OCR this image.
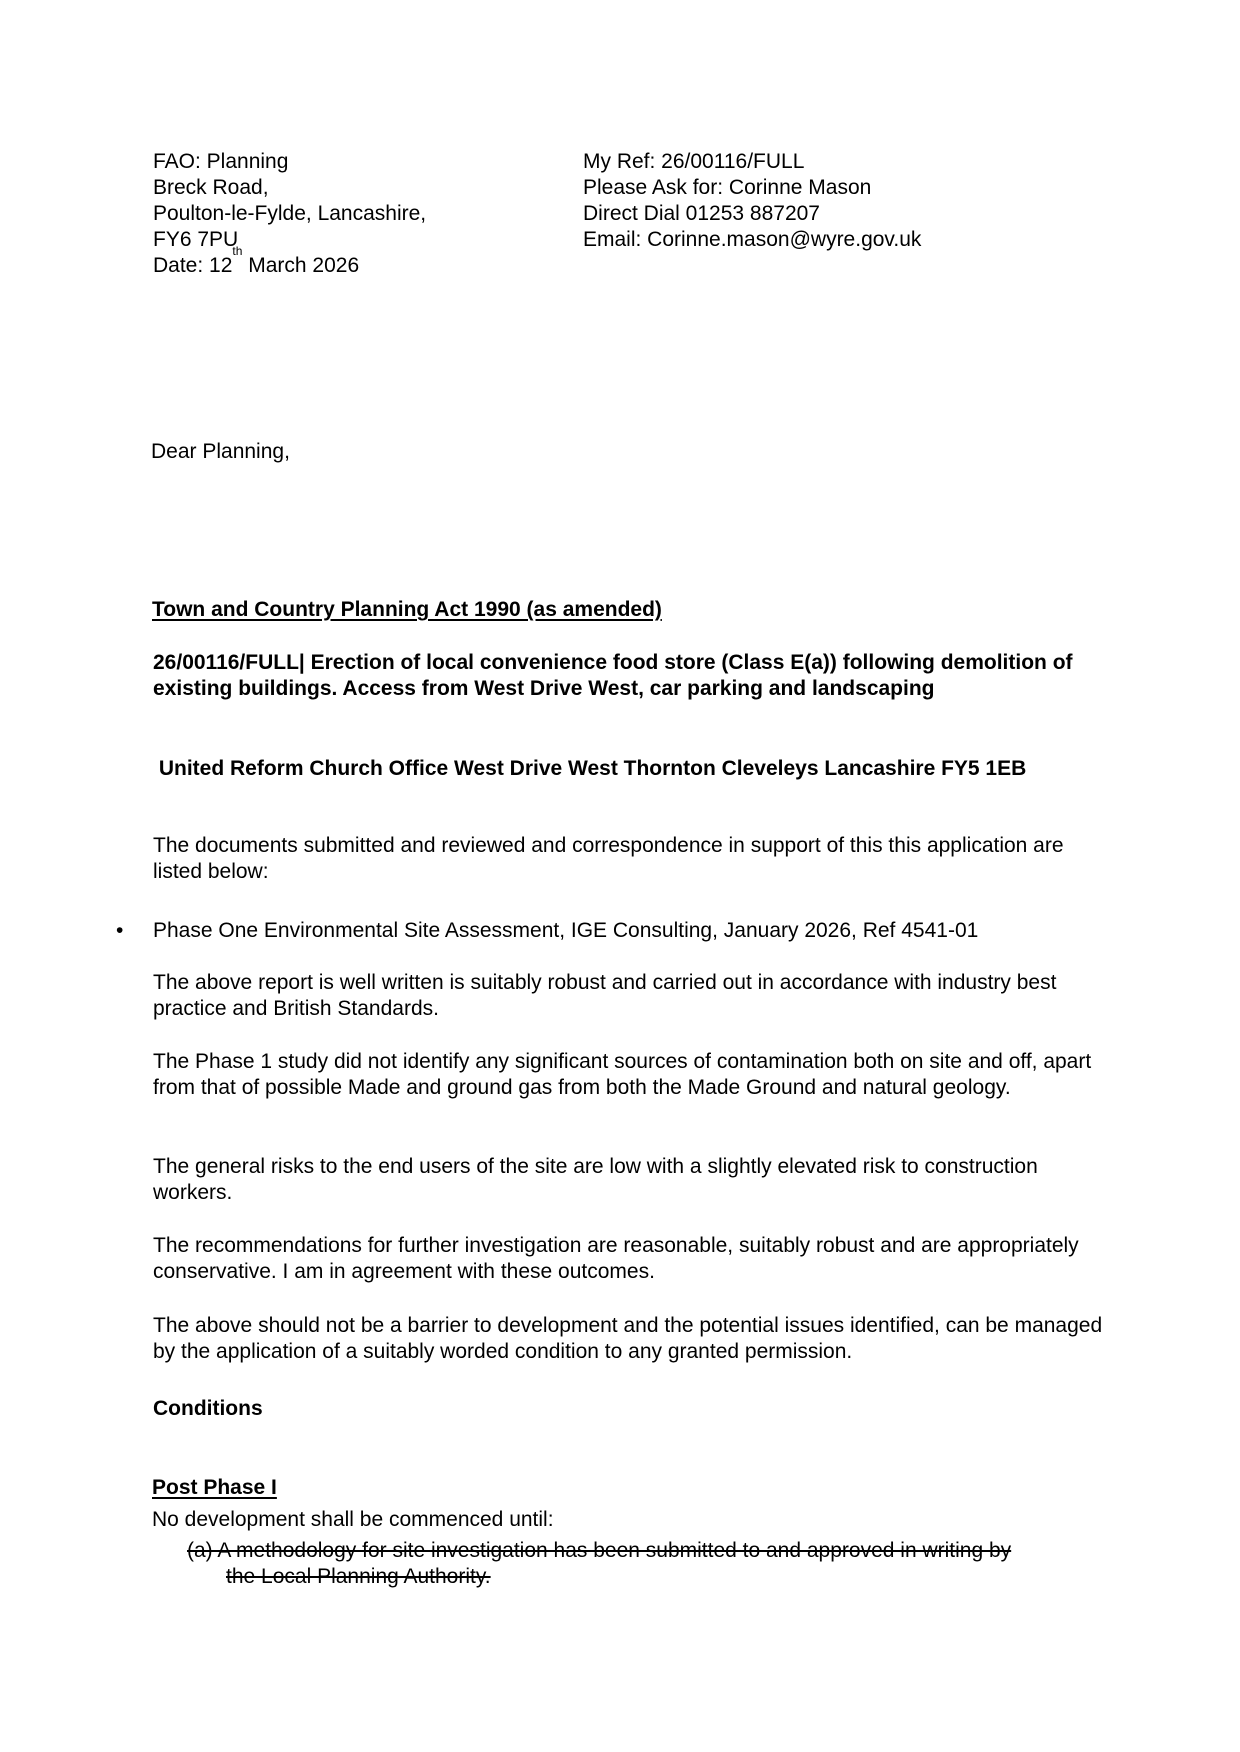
FAO: Planning
Breck Road,
Poulton-le-Fylde, Lancashire,
FY6 7PU
Date: 12th March 2026
My Ref: 26/00116/FULL
Please Ask for: Corinne Mason
Direct Dial 01253 887207
Email: Corinne.mason@wyre.gov.uk
Dear Planning,
Town and Country Planning Act 1990 (as amended)
26/00116/FULL| Erection of local convenience food store (Class E(a)) following demolition of existing buildings. Access from West Drive West, car parking and landscaping
United Reform Church Office West Drive West Thornton Cleveleys Lancashire FY5 1EB
The documents submitted and reviewed and correspondence in support of this this application are listed below:
• Phase One Environmental Site Assessment, IGE Consulting, January 2026, Ref 4541-01
The above report is well written is suitably robust and carried out in accordance with industry best practice and British Standards.
The Phase 1 study did not identify any significant sources of contamination both on site and off, apart from that of possible Made and ground gas from both the Made Ground and natural geology.
The general risks to the end users of the site are low with a slightly elevated risk to construction workers.
The recommendations for further investigation are reasonable, suitably robust and are appropriately conservative. I am in agreement with these outcomes.
The above should not be a barrier to development and the potential issues identified, can be managed by the application of a suitably worded condition to any granted permission.
Conditions
Post Phase I
No development shall be commenced until:
(a) A methodology for site investigation has been submitted to and approved in writing by
the Local Planning Authority.
